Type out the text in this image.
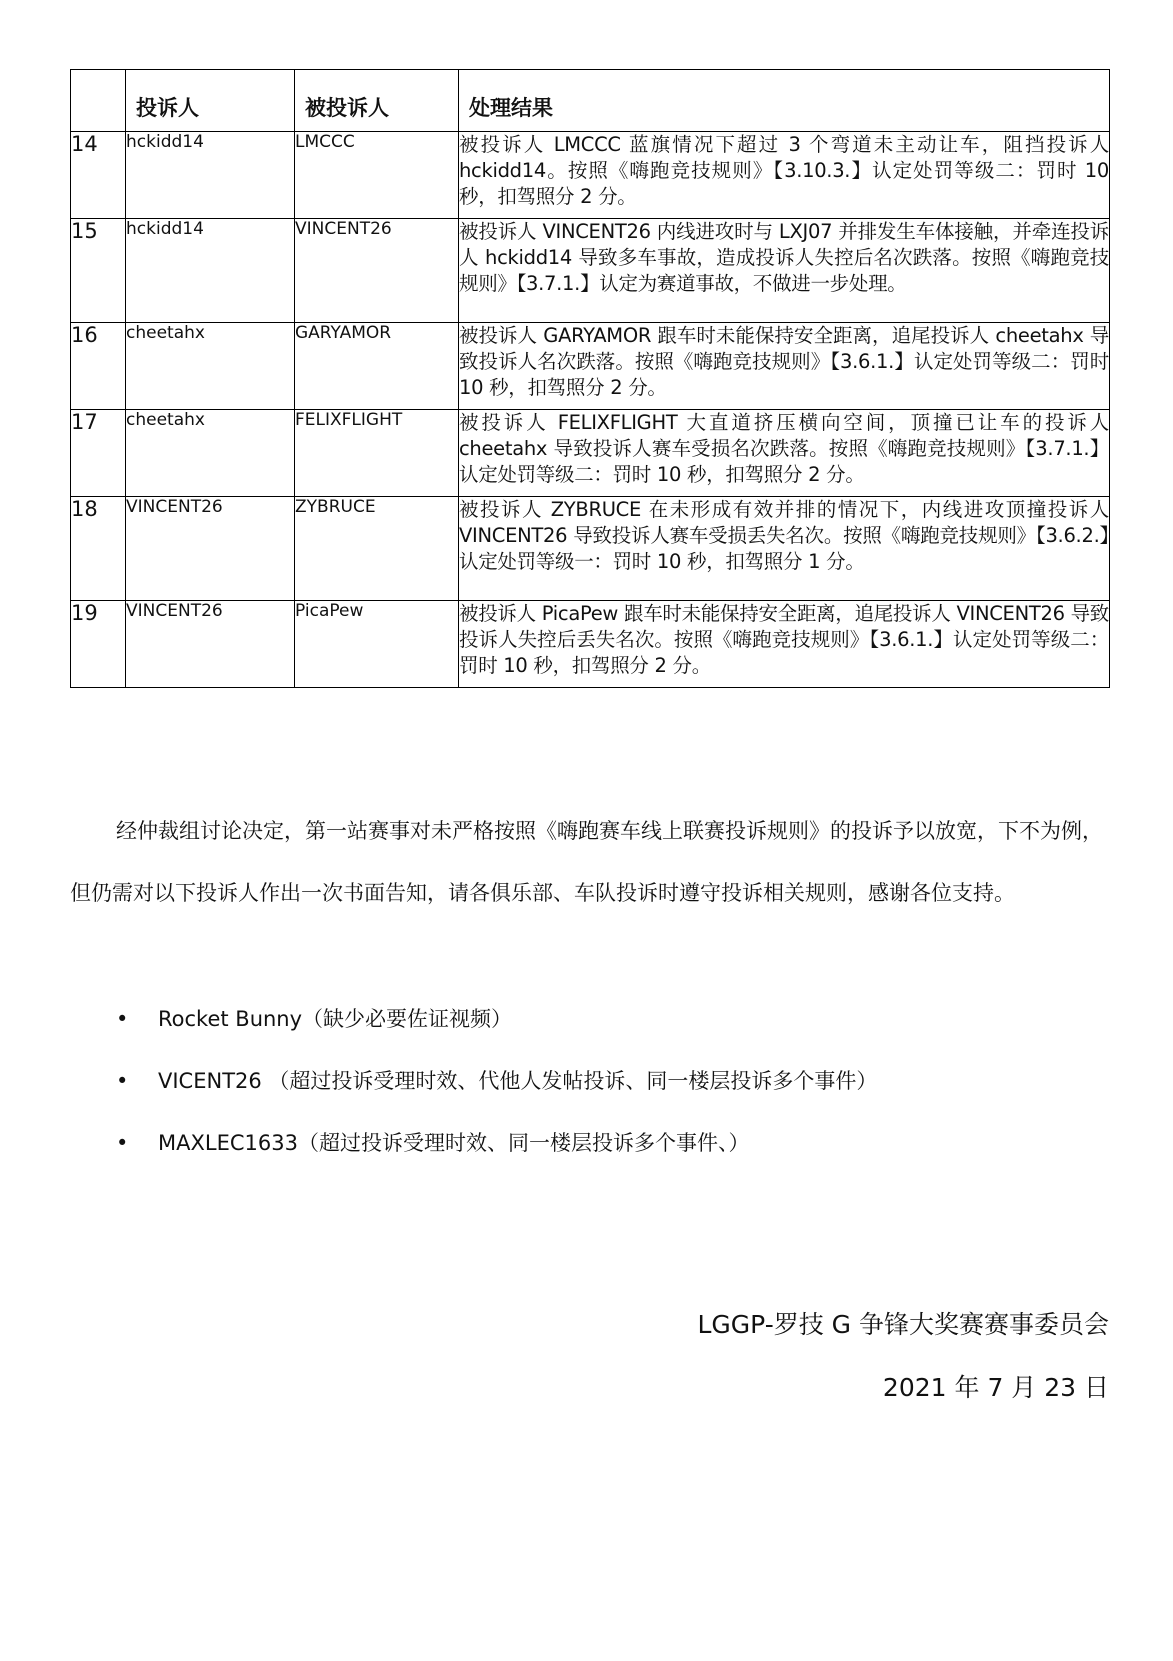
	投诉人	被投诉人	处理结果
14	hckidd14	LMCCC	被投诉人 LMCCC 蓝旗情况下超过 3 个弯道未主动让车，阻挡投诉人 hckidd14。按照《嗨跑竞技规则》【3.10.3.】认定处罚等级二：罚时 10 秒，扣驾照分 2 分。
15	hckidd14	VINCENT26	被投诉人 VINCENT26 内线进攻时与 LXJ07 并排发生车体接触，并牵连投诉人 hckidd14 导致多车事故，造成投诉人失控后名次跌落。按照《嗨跑竞技规则》【3.7.1.】认定为赛道事故，不做进一步处理。
16	cheetahx	GARYAMOR	被投诉人 GARYAMOR 跟车时未能保持安全距离，追尾投诉人 cheetahx 导致投诉人名次跌落。按照《嗨跑竞技规则》【3.6.1.】认定处罚等级二：罚时 10 秒，扣驾照分 2 分。
17	cheetahx	FELIXFLIGHT	被投诉人 FELIXFLIGHT 大直道挤压横向空间，顶撞已让车的投诉人 cheetahx 导致投诉人赛车受损名次跌落。按照《嗨跑竞技规则》【3.7.1.】认定处罚等级二：罚时 10 秒，扣驾照分 2 分。
18	VINCENT26	ZYBRUCE	被投诉人 ZYBRUCE 在未形成有效并排的情况下，内线进攻顶撞投诉人 VINCENT26 导致投诉人赛车受损丢失名次。按照《嗨跑竞技规则》【3.6.2.】认定处罚等级一：罚时 10 秒，扣驾照分 1 分。
19	VINCENT26	PicaPew	被投诉人 PicaPew 跟车时未能保持安全距离，追尾投诉人 VINCENT26 导致投诉人失控后丢失名次。按照《嗨跑竞技规则》【3.6.1.】认定处罚等级二：罚时 10 秒，扣驾照分 2 分。

经仲裁组讨论决定，第一站赛事对未严格按照《嗨跑赛车线上联赛投诉规则》的投诉予以放宽，下不为例，但仍需对以下投诉人作出一次书面告知，请各俱乐部、车队投诉时遵守投诉相关规则，感谢各位支持。

• Rocket Bunny（缺少必要佐证视频）
• VICENT26 （超过投诉受理时效、代他人发帖投诉、同一楼层投诉多个事件）
• MAXLEC1633（超过投诉受理时效、同一楼层投诉多个事件、）
LGGP-罗技 G 争锋大奖赛赛事委员会
2021 年 7 月 23 日
